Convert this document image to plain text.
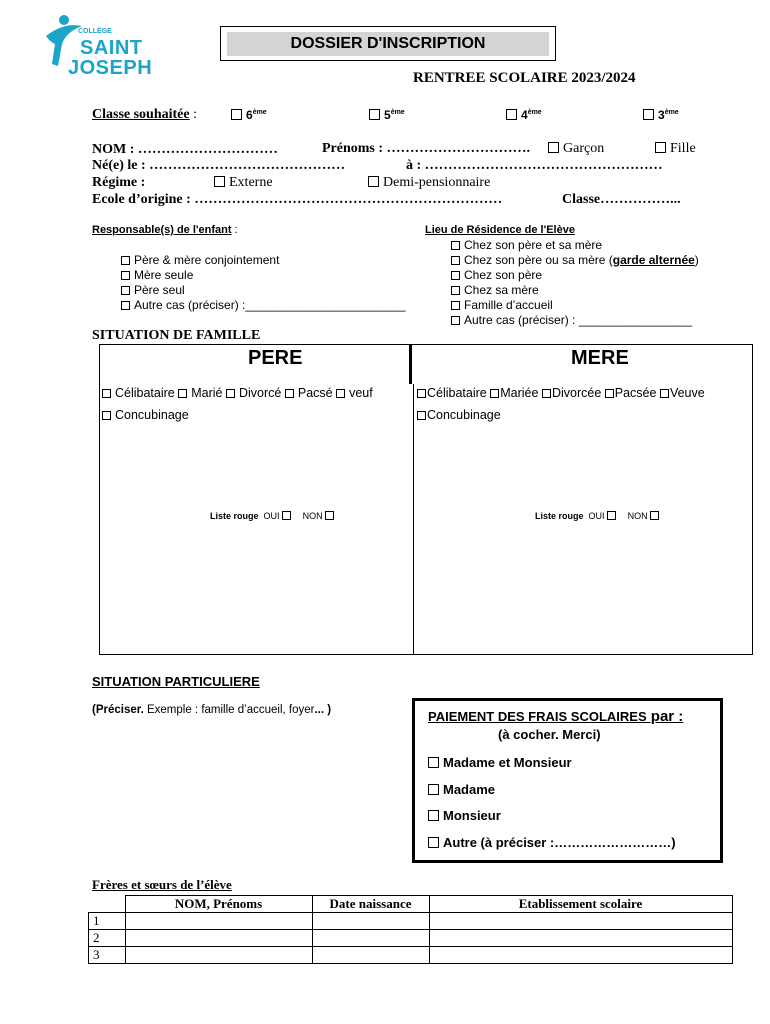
COLLÈGE
SAINT
JOSEPH
DOSSIER D'INSCRIPTION
RENTREE SCOLAIRE 2023/2024
Classe souhaitée :	6ème	5ème	4ème	3ème
NOM : …………………………	Prénoms : ………………………….	Garçon	Fille
Né(e) le : ……………………………………	à : ……………………………………………
Régime :	Externe	Demi-pensionnaire
Ecole d’origine : …………………………………………………………	Classe……………...
Responsable(s) de l'enfant :
Père & mère conjointement
Mère seule
Père seul
Autre cas (préciser) :________________________
Lieu de Résidence de l'Elève
Chez son père et sa mère
Chez son père ou sa mère (garde alternée)
Chez son père
Chez sa mère
Famille d’accueil
Autre cas (préciser) : _________________
SITUATION DE FAMILLE
PERE	MERE
Célibataire Marié Divorcé Pacsé veuf
Concubinage
Célibataire Mariée Divorcée Pacsée Veuve
Concubinage
Liste rouge OUI	NON	Liste rouge OUI	NON
SITUATION PARTICULIERE
(Préciser. Exemple : famille d’accueil, foyer... )	PAIEMENT DES FRAIS SCOLAIRES par :
(à cocher. Merci)
Madame et Monsieur
Madame
Monsieur
Autre (à préciser :………………………)
Frères et sœurs de l’élève
	NOM, Prénoms	Date naissance	Etablissement scolaire
1			
2			
3			
